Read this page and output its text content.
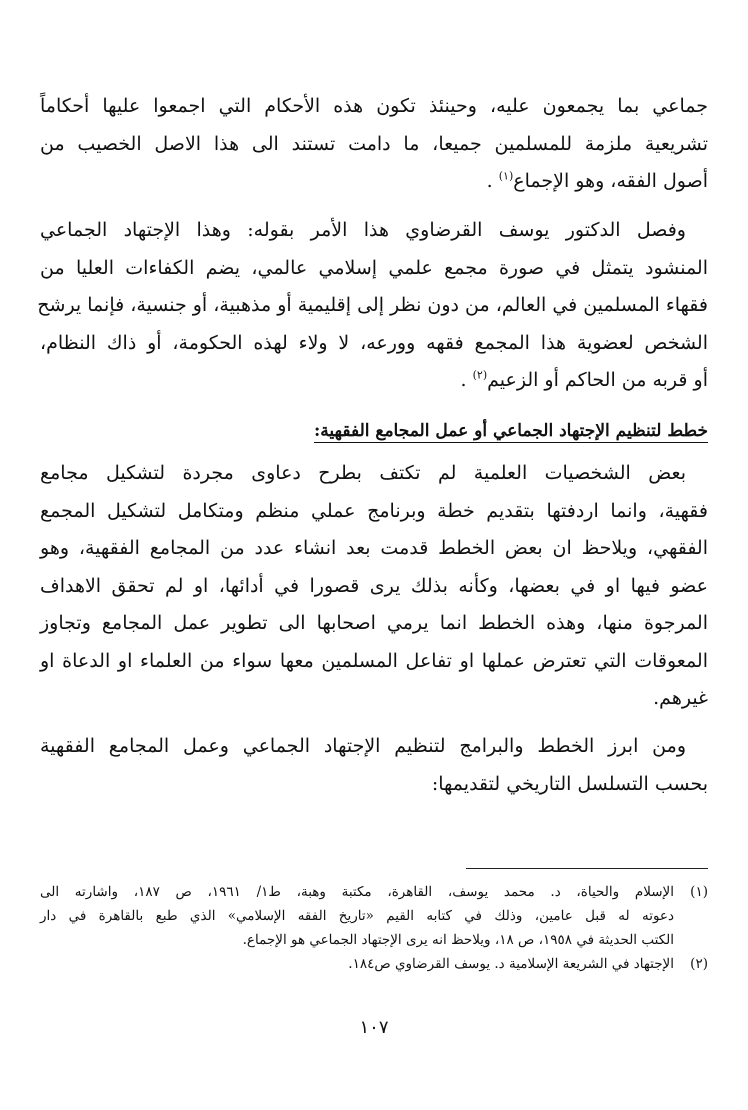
جماعي بما يجمعون عليه، وحينئذ تكون هذه الأحكام التي اجمعوا عليها أحكاماً
تشريعية ملزمة للمسلمين جميعا، ما دامت تستند الى هذا الاصل الخصيب من
أصول الفقه، وهو الإجماع$^{(١)}$ .

وفصل الدكتور يوسف القرضاوي هذا الأمر بقوله: وهذا الإجتهاد الجماعي
المنشود يتمثل في صورة مجمع علمي إسلامي عالمي، يضم الكفاءات العليا من
فقهاء المسلمين في العالم، من دون نظر إلى إقليمية أو مذهبية، أو جنسية، فإنما يرشح
الشخص لعضوية هذا المجمع فقهه وورعه، لا ولاء لهذه الحكومة، أو ذاك النظام،
أو قربه من الحاكم أو الزعيم$^{(٢)}$ .

خطط لتنظيم الإجتهاد الجماعي أو عمل المجامع الفقهية:

بعض الشخصيات العلمية لم تكتف بطرح دعاوى مجردة لتشكيل مجامع
فقهية، وانما اردفتها بتقديم خطة وبرنامج عملي منظم ومتكامل لتشكيل المجمع
الفقهي، ويلاحظ ان بعض الخطط قدمت بعد انشاء عدد من المجامع الفقهية، وهو
عضو فيها او في بعضها، وكأنه بذلك يرى قصورا في أدائها، او لم تحقق الاهداف
المرجوة منها، وهذه الخطط انما يرمي اصحابها الى تطوير عمل المجامع وتجاوز
المعوقات التي تعترض عملها او تفاعل المسلمين معها سواء من العلماء او الدعاة او
غيرهم.

ومن ابرز الخطط والبرامج لتنظيم الإجتهاد الجماعي وعمل المجامع الفقهية
بحسب التسلسل التاريخي لتقديمها:

(١)
الإسلام والحياة، د. محمد يوسف، القاهرة، مكتبة وهبة، ط١/ ١٩٦١، ص ١٨٧، واشارته الى
دعوته له قبل عامين، وذلك في كتابه القيم «تاريخ الفقه الإسلامي» الذي طبع بالقاهرة في دار
الكتب الحديثة في ١٩٥٨، ص ١٨، ويلاحظ انه يرى الإجتهاد الجماعي هو الإجماع.
(٢)
الإجتهاد في الشريعة الإسلامية د. يوسف القرضاوي ص١٨٤.
١٠٧
